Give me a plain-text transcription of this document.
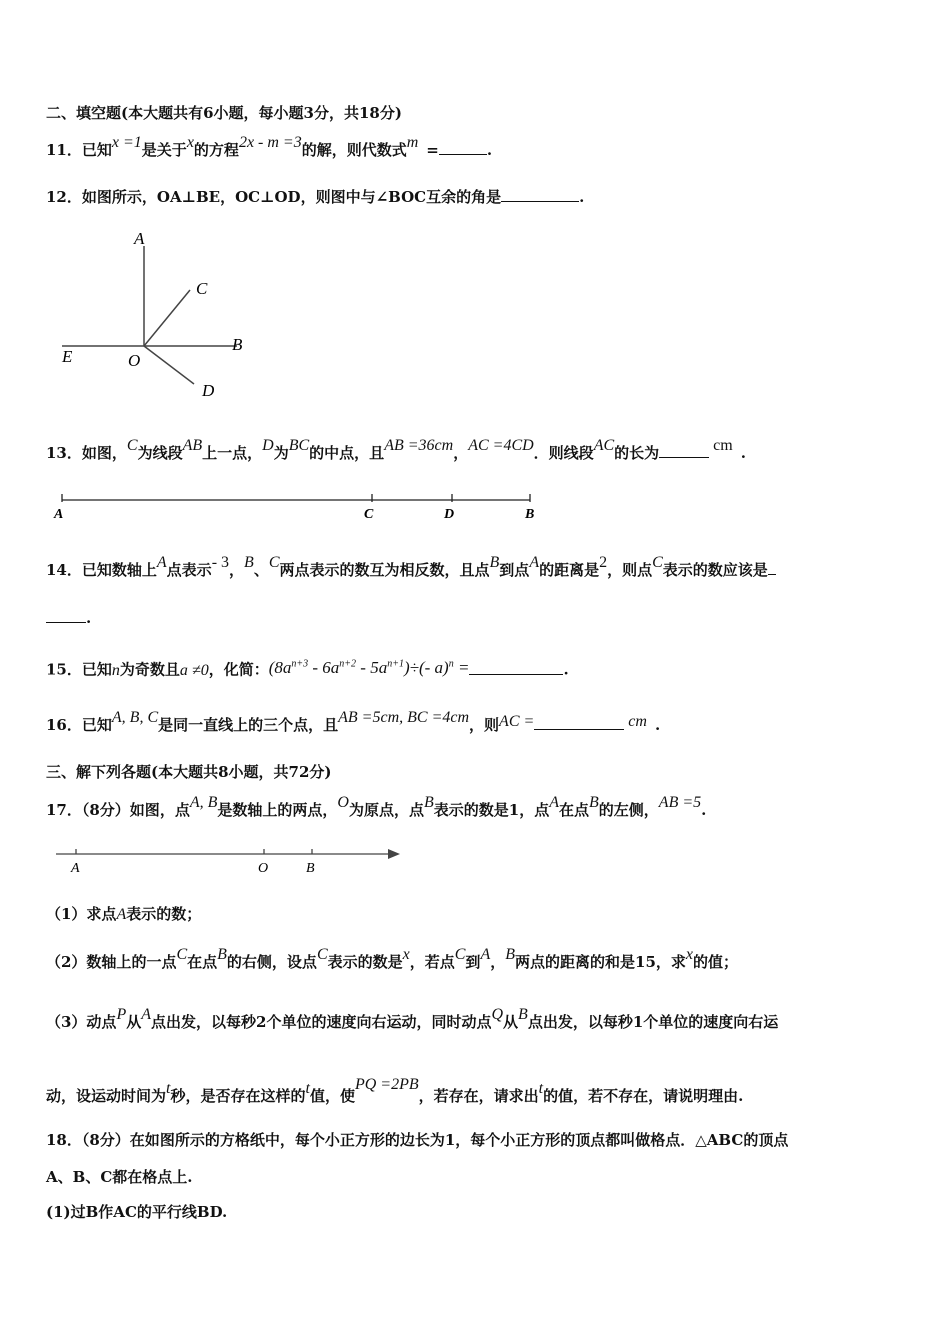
二、填空题(本大题共有6小题，每小题3分，共18分)
11．已知x =1是关于x的方程2x - m =3的解，则代数式m =	.
12．如图所示，OA⊥BE，OC⊥OD，则图中与∠BOC互余的角是	.
A
C
B
E	O
D
13．如图，C为线段AB上一点，D为BC的中点，且AB =36cm，AC =4CD．则线段AC的长为	cm .
A	C	D	B
14．已知数轴上A点表示- 3，B、C两点表示的数互为相反数，且点B到点A的距离是2，则点C表示的数应该是
.
15．已知n为奇数且a ≠0，化简：$(8a^{n+3} - 6a^{n+2} - 5a^{n+1})\div(-$ a)$^n$ =	.
16．已知A, B, C是同一直线上的三个点，且AB =5cm, BC =4cm，则AC =	cm .
三、解下列各题(本大题共8小题，共72分)
17．（8分）如图，点A, B是数轴上的两点，O为原点，点B表示的数是1，点A在点B的左侧，AB =5.
A	O	B
（1）求点A表示的数；
（2）数轴上的一点C在点B的右侧，设点C表示的数是x，若点C到A，B两点的距离的和是15，求x的值；
（3）动点P从A点出发，以每秒2个单位的速度向右运动，同时动点Q从B点出发，以每秒1个单位的速度向右运
动，设运动时间为t秒，是否存在这样的t值，使PQ =2PB，若存在，请求出t的值，若不存在，请说明理由.
18．（8分）在如图所示的方格纸中，每个小正方形的边长为1，每个小正方形的顶点都叫做格点．△ABC的顶点
A、B、C都在格点上.
(1)过B作AC的平行线BD.
